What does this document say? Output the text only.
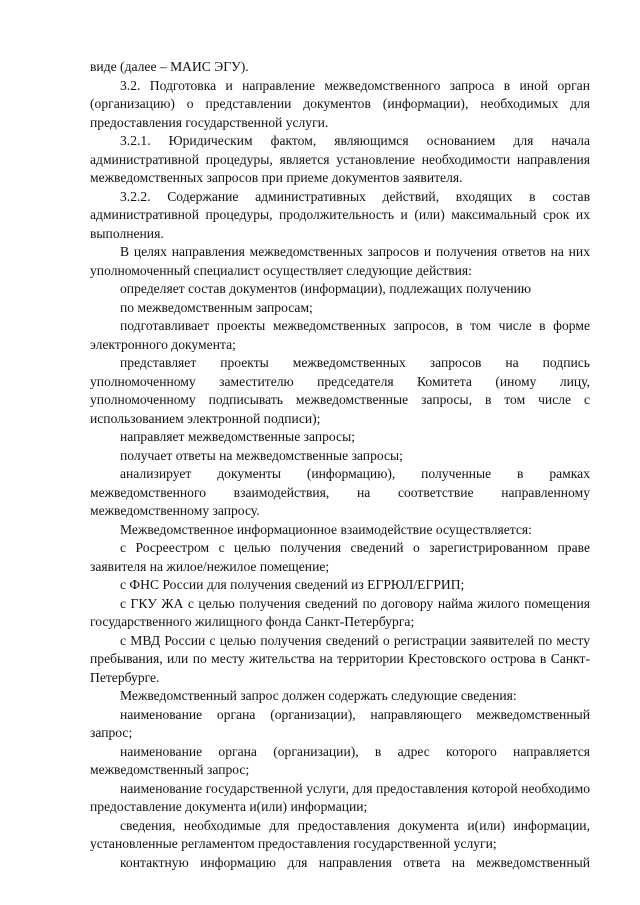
виде (далее – МАИС ЭГУ).

3.2. Подготовка и направление межведомственного запроса в иной орган (организацию) о представлении документов (информации), необходимых для предоставления государственной услуги.

3.2.1. Юридическим фактом, являющимся основанием для начала административной процедуры, является установление необходимости направления межведомственных запросов при приеме документов заявителя.

3.2.2. Содержание административных действий, входящих в состав административной процедуры, продолжительность и (или) максимальный срок их выполнения.

В целях направления межведомственных запросов и получения ответов на них уполномоченный специалист осуществляет следующие действия:

определяет состав документов (информации), подлежащих получению

по межведомственным запросам;

подготавливает проекты межведомственных запросов, в том числе в форме электронного документа;

представляет проекты межведомственных запросов на подпись уполномоченному заместителю председателя Комитета (иному лицу, уполномоченному подписывать межведомственные запросы, в том числе с использованием электронной подписи);

направляет межведомственные запросы;

получает ответы на межведомственные запросы;

анализирует документы (информацию), полученные в рамках межведомственного взаимодействия, на соответствие направленному межведомственному запросу.

Межведомственное информационное взаимодействие осуществляется:

с Росреестром с целью получения сведений о зарегистрированном праве заявителя на жилое/нежилое помещение;

с ФНС России для получения сведений из ЕГРЮЛ/ЕГРИП;

с ГКУ ЖА с целью получения сведений по договору найма жилого помещения государственного жилищного фонда Санкт-Петербурга;

с МВД России с целью получения сведений о регистрации заявителей по месту пребывания, или по месту жительства на территории Крестовского острова в Санкт-Петербурге.

Межведомственный запрос должен содержать следующие сведения:

наименование органа (организации), направляющего межведомственный запрос;

наименование органа (организации), в адрес которого направляется межведомственный запрос;

наименование государственной услуги, для предоставления которой необходимо предоставление документа и(или) информации;

сведения, необходимые для предоставления документа и(или) информации, установленные регламентом предоставления государственной услуги;

контактную информацию для направления ответа на межведомственный
